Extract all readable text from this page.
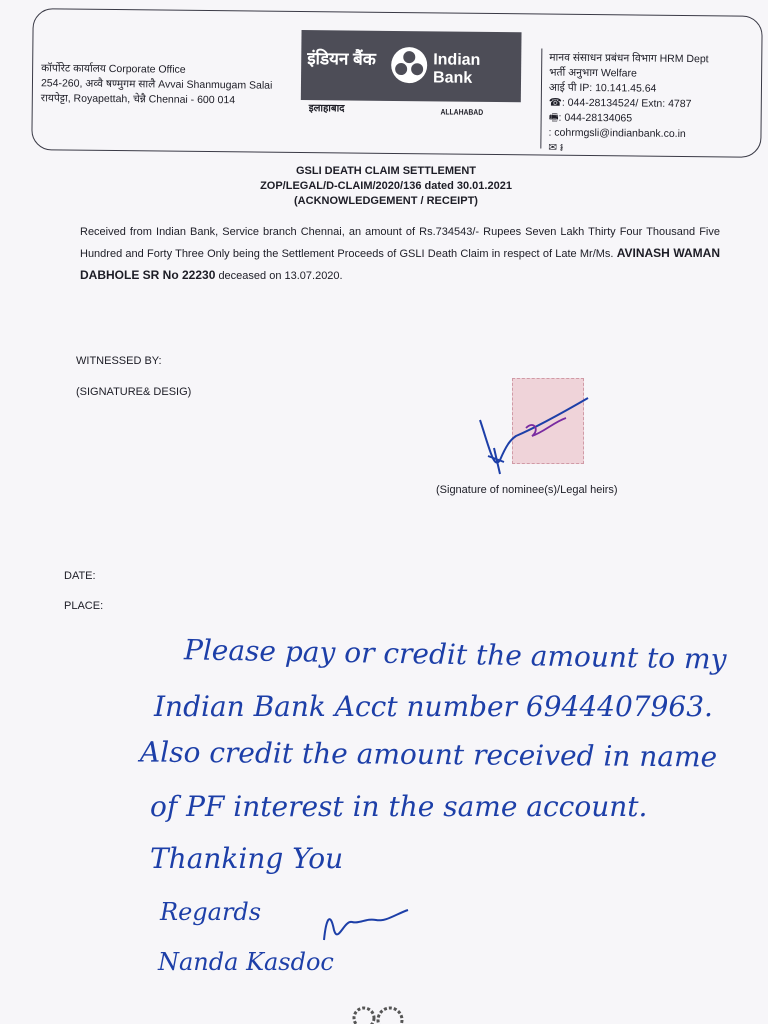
कॉर्पोरेट कार्यालय Corporate Office
254-260, अव्वै षण्मुगम सालै Avvai Shanmugam Salai
रायपेट्टा, Royapettah, चेन्नै Chennai - 600 014
इंडियन बैंक	Indian Bank
इलाहाबाद	ALLAHABAD
मानव संसाधन प्रबंधन विभाग HRM Dept
भर्ती अनुभाग Welfare
आई पी IP: 10.141.45.64
☎: 044-28134524/ Extn: 4787
🖷: 044-28134065
: cohrmgsli@indianbank.co.in
✉ ៛
GSLI DEATH CLAIM SETTLEMENT
ZOP/LEGAL/D-CLAIM/2020/136 dated 30.01.2021
(ACKNOWLEDGEMENT / RECEIPT)
Received from Indian Bank, Service branch Chennai, an amount of Rs.734543/- Rupees Seven Lakh Thirty Four Thousand Five Hundred and Forty Three Only being the Settlement Proceeds of GSLI Death Claim in respect of Late Mr/Ms. AVINASH WAMAN DABHOLE SR No 22230 deceased on 13.07.2020.
WITNESSED BY:
(SIGNATURE& DESIG)
(Signature of nominee(s)/Legal heirs)
DATE:
PLACE:
Please pay or credit the amount to my
Indian Bank Acct number 6944407963.
Also credit the amount received in name
of PF interest in the same account.
Thanking You
Regards
Nanda Kasdoc
